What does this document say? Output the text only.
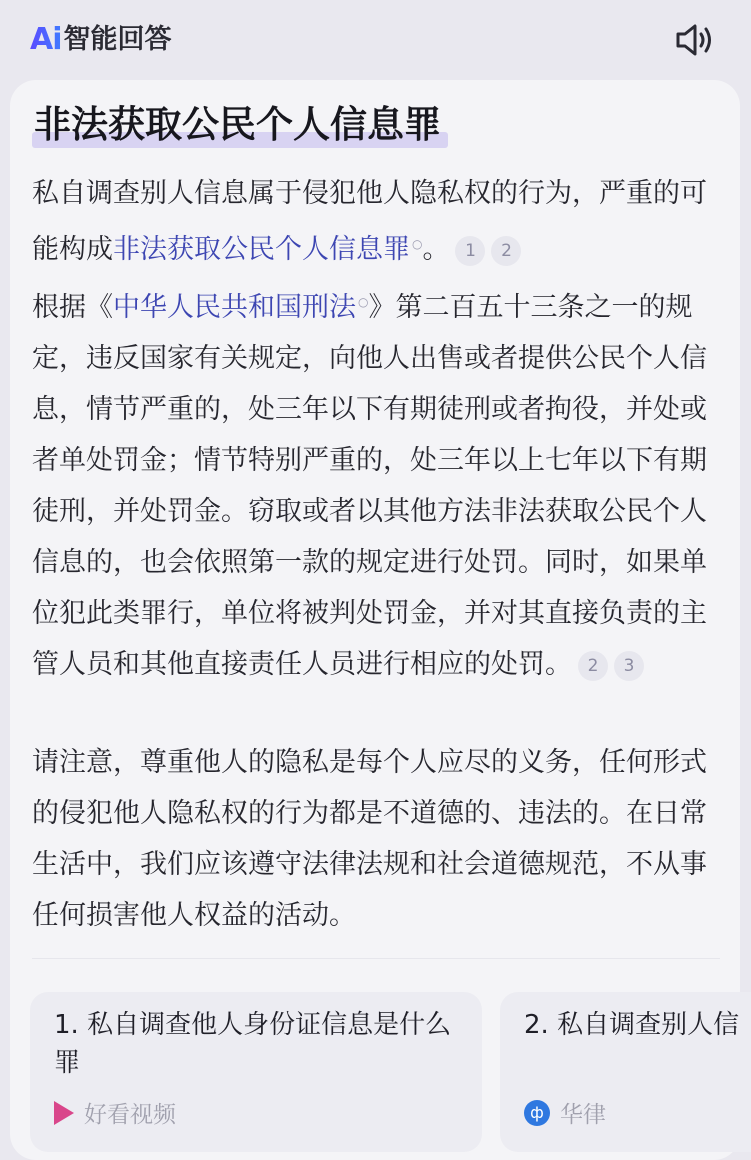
Ai 智能回答
非法获取公民个人信息罪
私自调查别人信息属于侵犯他人隐私权的行为，严重的可能构成非法获取公民个人信息罪 ○。 1 2
根据《中华人民共和国刑法 ○》第二百五十三条之一的规定，违反国家有关规定，向他人出售或者提供公民个人信息，情节严重的，处三年以下有期徒刑或者拘役，并处或者单处罚金；情节特别严重的，处三年以上七年以下有期徒刑，并处罚金。窃取或者以其他方法非法获取公民个人信息的，也会依照第一款的规定进行处罚。同时，如果单位犯此类罪行，单位将被判处罚金，并对其直接负责的主管人员和其他直接责任人员进行相应的处罚。 2 3
请注意，尊重他人的隐私是每个人应尽的义务，任何形式的侵犯他人隐私权的行为都是不道德的、违法的。在日常生活中，我们应该遵守法律法规和社会道德规范，不从事任何损害他人权益的活动。
1. 私自调查他人身份证信息是什么罪
好看视频
2. 私自调查别人信
ф 华律
